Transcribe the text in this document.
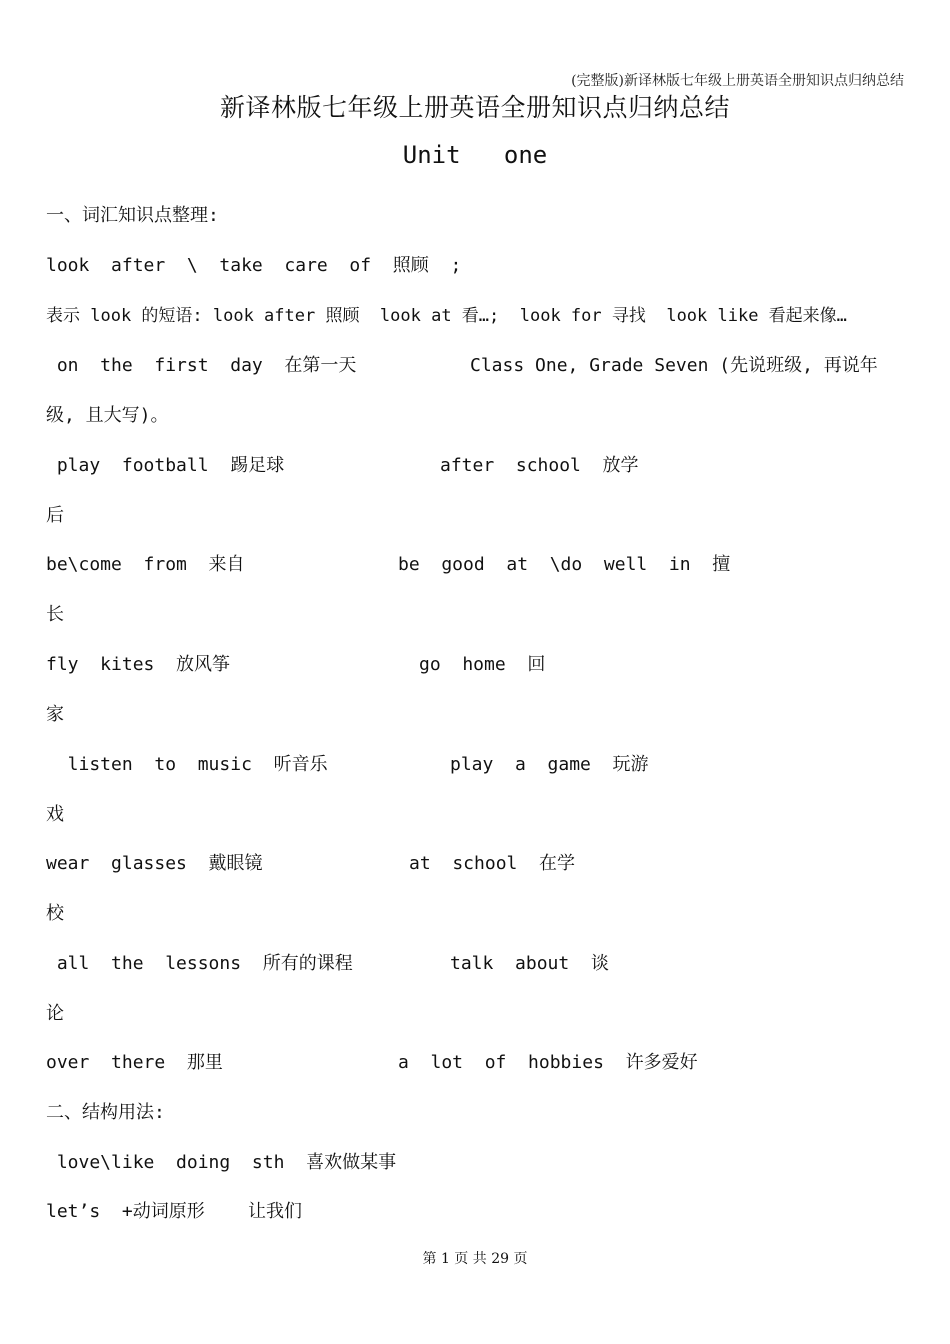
(完整版)新译林版七年级上册英语全册知识点归纳总结
新译林版七年级上册英语全册知识点归纳总结
Unit   one
一、词汇知识点整理:
look  after  \  take  care  of  照顾  ;
表示 look 的短语: look after 照顾  look at 看…;  look for 寻找  look like 看起来像…
on  the  first  day  在第一天	Class One, Grade Seven (先说班级, 再说年
级, 且大写)。
play  football  踢足球	after  school  放学
后
be\come  from  来自	be  good  at  \do  well  in  擅
长
fly  kites  放风筝	go  home  回
家
listen  to  music  听音乐	play  a  game  玩游
戏
wear  glasses  戴眼镜	at  school  在学
校
all  the  lessons  所有的课程	talk  about  谈
论
over  there  那里	a  lot  of  hobbies  许多爱好
二、结构用法:
love\like  doing  sth  喜欢做某事
let’s  +动词原形    让我们
第 1 页 共 29 页
